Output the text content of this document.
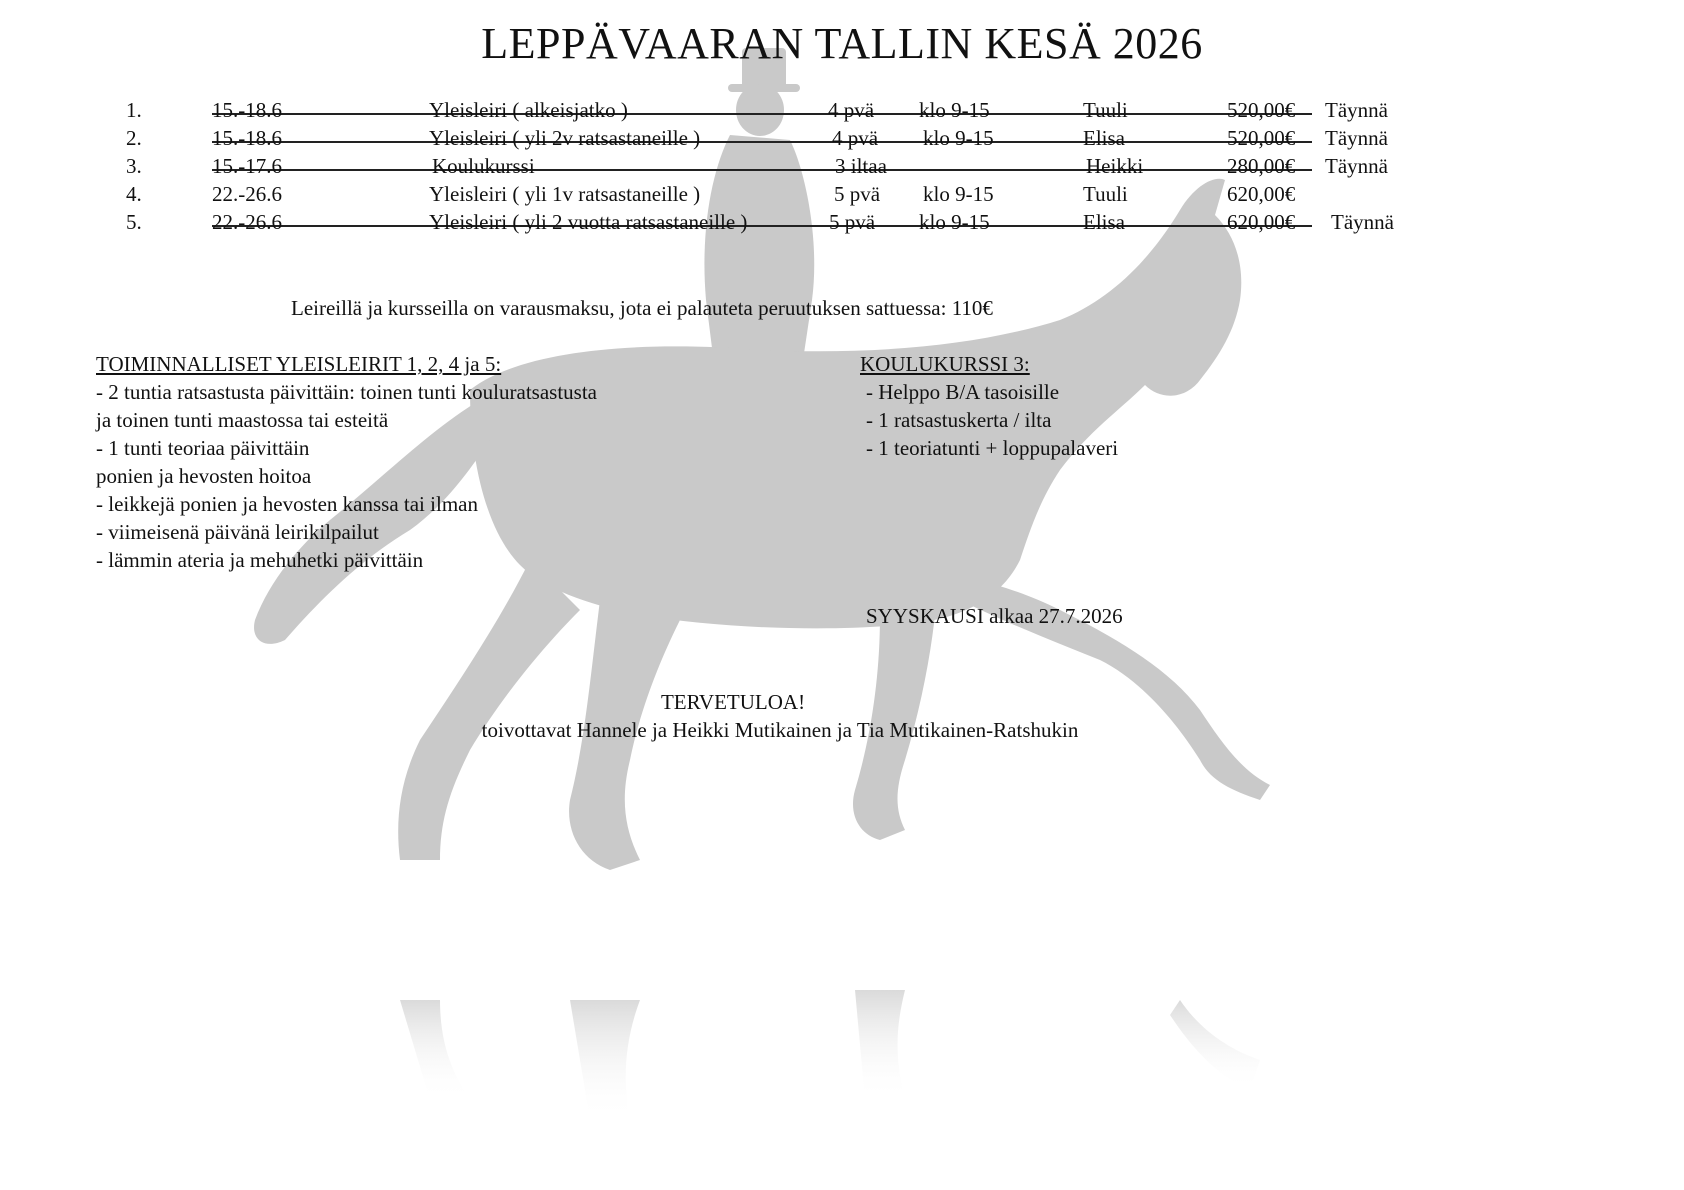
LEPPÄVAARAN TALLIN KESÄ 2026
1.	15.-18.6	Yleisleiri ( alkeisjatko )	4 pvä klo 9-15	Tuuli	520,00€ Täynnä
2.	15.-18.6	Yleisleiri ( yli 2v ratsastaneille )	4 pvä klo 9-15	Elisa	520,00€ Täynnä
3.	15.-17.6	Koulukurssi	3 iltaa	Heikki	280,00€ Täynnä
4.	22.-26.6	Yleisleiri ( yli 1v ratsastaneille )	5 pvä klo 9-15	Tuuli	620,00€
5.	22.-26.6	Yleisleiri ( yli 2 vuotta ratsastaneille )	5 pvä klo 9-15	Elisa	620,00€ Täynnä

Leireillä ja kursseilla on varausmaksu, jota ei palauteta peruutuksen sattuessa: 110€

TOIMINNALLISET YLEISLEIRIT 1, 2, 4 ja 5:

- 2 tuntia ratsastusta päivittäin: toinen tunti kouluratsastusta

ja toinen tunti maastossa tai esteitä

- 1 tunti teoriaa päivittäin

ponien ja hevosten hoitoa

- leikkejä ponien ja hevosten kanssa tai ilman

- viimeisenä päivänä leirikilpailut

- lämmin ateria ja mehuhetki päivittäin

KOULUKURSSI 3:

- Helppo B/A tasoisille

- 1 ratsastuskerta / ilta

- 1 teoriatunti + loppupalaveri

SYYSKAUSI alkaa 27.7.2026

TERVETULOA!
toivottavat Hannele ja Heikki Mutikainen ja Tia Mutikainen-Ratshukin
